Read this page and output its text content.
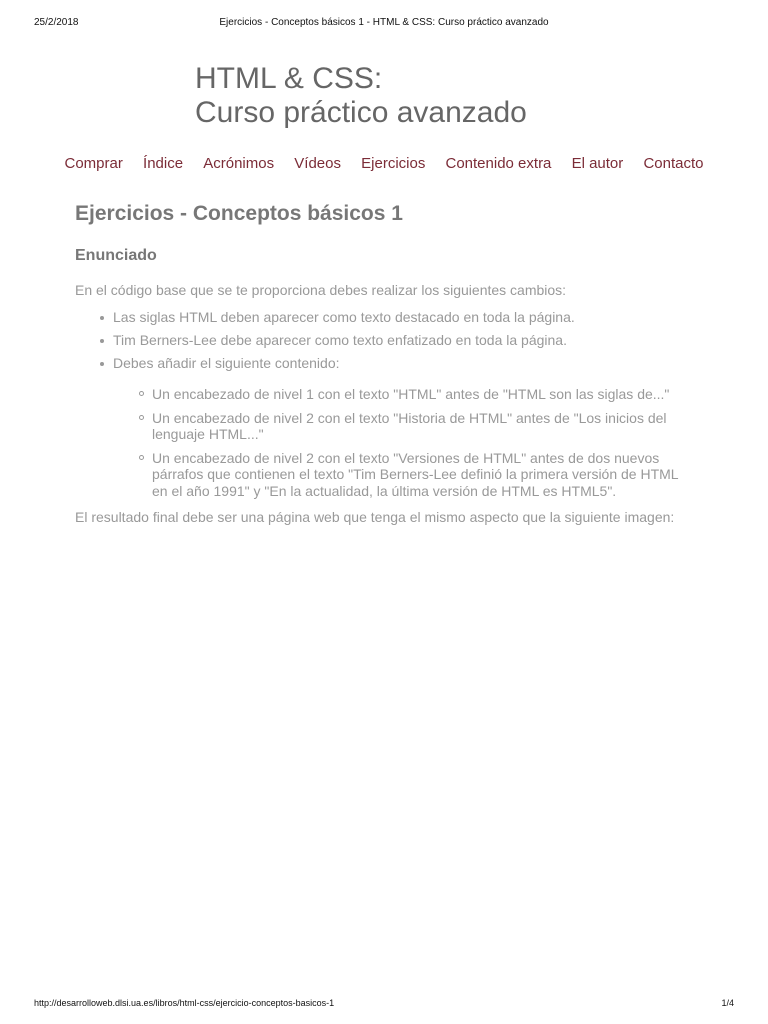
25/2/2018	Ejercicios - Conceptos básicos 1 - HTML & CSS: Curso práctico avanzado
HTML & CSS:
Curso práctico avanzado
Comprar Índice Acrónimos Vídeos Ejercicios Contenido extra El autor Contacto
Ejercicios - Conceptos básicos 1
Enunciado

En el código base que se te proporciona debes realizar los siguientes cambios:

Las siglas HTML deben aparecer como texto destacado en toda la página.
Tim Berners-Lee debe aparecer como texto enfatizado en toda la página.
Debes añadir el siguiente contenido:
Un encabezado de nivel 1 con el texto "HTML" antes de "HTML son las siglas de..."
Un encabezado de nivel 2 con el texto "Historia de HTML" antes de "Los inicios del lenguaje HTML..."
Un encabezado de nivel 2 con el texto "Versiones de HTML" antes de dos nuevos párrafos que contienen el texto "Tim Berners-Lee definió la primera versión de HTML en el año 1991" y "En la actualidad, la última versión de HTML es HTML5".

El resultado final debe ser una página web que tenga el mismo aspecto que la siguiente imagen:

http://desarrolloweb.dlsi.ua.es/libros/html-css/ejercicio-conceptos-basicos-1	1/4
